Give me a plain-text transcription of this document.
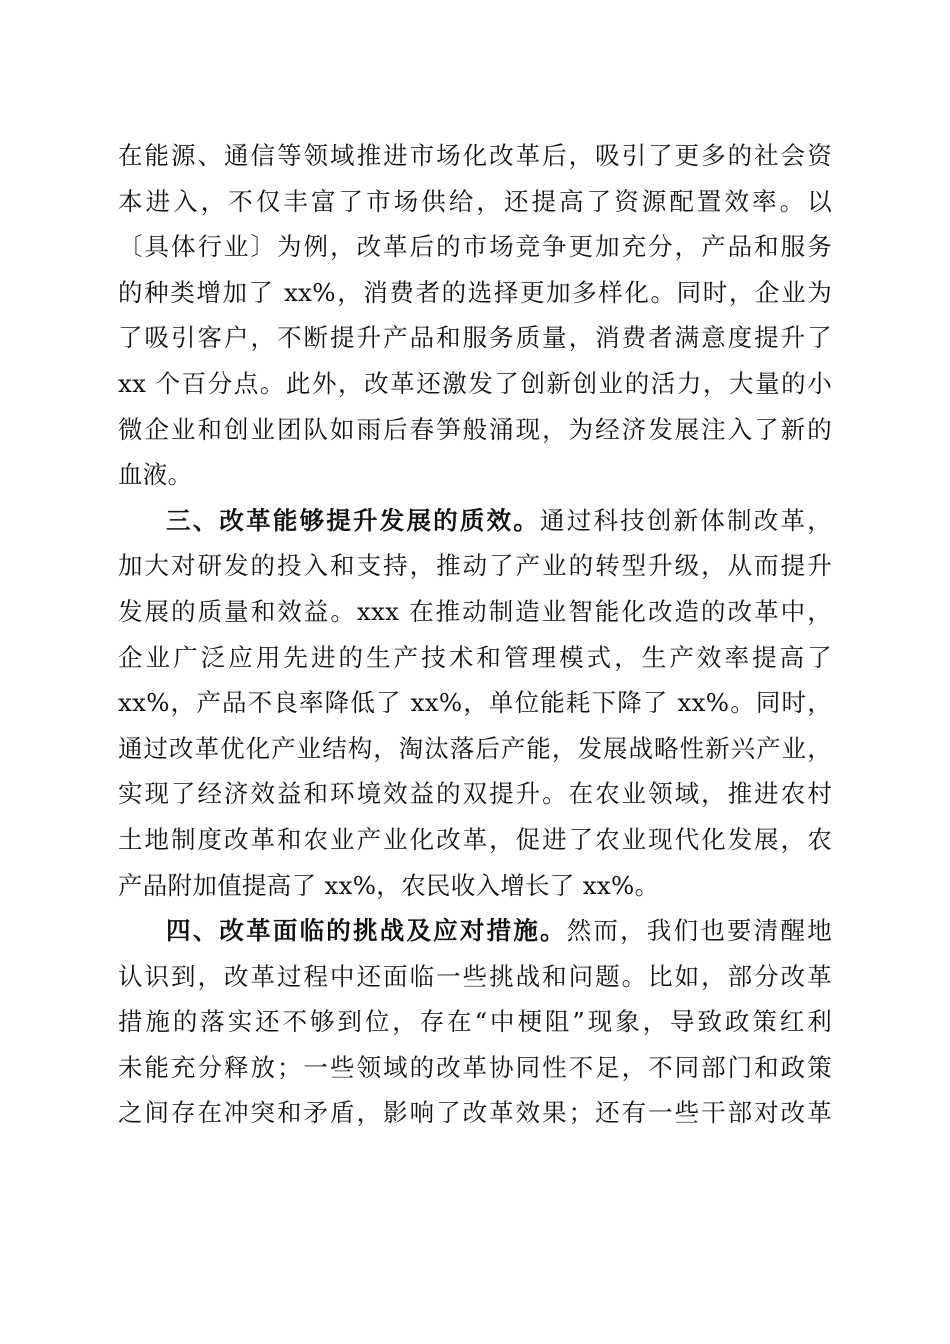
在能源、通信等领域推进市场化改革后，吸引了更多的社会资
本进入，不仅丰富了市场供给，还提高了资源配置效率。以
〔具体行业〕为例，改革后的市场竞争更加充分，产品和服务
的种类增加了 xx%，消费者的选择更加多样化。同时，企业为
了吸引客户，不断提升产品和服务质量，消费者满意度提升了
xx 个百分点。此外，改革还激发了创新创业的活力，大量的小
微企业和创业团队如雨后春笋般涌现，为经济发展注入了新的
血液。
三、改革能够提升发展的质效。通过科技创新体制改革，
加大对研发的投入和支持，推动了产业的转型升级，从而提升
发展的质量和效益。xxx 在推动制造业智能化改造的改革中，
企业广泛应用先进的生产技术和管理模式，生产效率提高了
xx%，产品不良率降低了 xx%，单位能耗下降了 xx%。同时，
通过改革优化产业结构，淘汰落后产能，发展战略性新兴产业，
实现了经济效益和环境效益的双提升。在农业领域，推进农村
土地制度改革和农业产业化改革，促进了农业现代化发展，农
产品附加值提高了 xx%，农民收入增长了 xx%。
四、改革面临的挑战及应对措施。然而，我们也要清醒地
认识到，改革过程中还面临一些挑战和问题。比如，部分改革
措施的落实还不够到位，存在“中梗阻”现象，导致政策红利
未能充分释放；一些领域的改革协同性不足，不同部门和政策
之间存在冲突和矛盾，影响了改革效果；还有一些干部对改革
